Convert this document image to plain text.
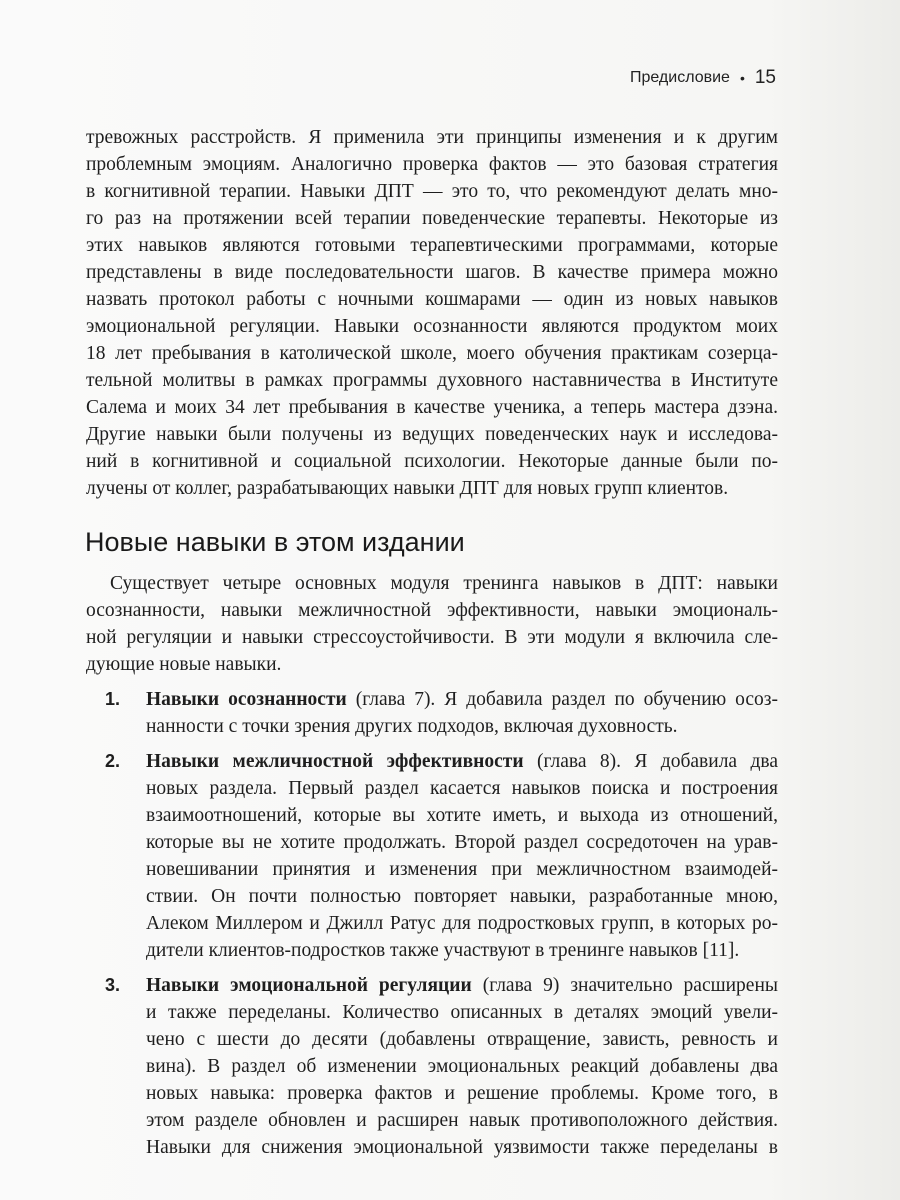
Предисловие • 15
тревожных расстройств. Я применила эти принципы изменения и к другим
проблемным эмоциям. Аналогично проверка фактов — это базовая стратегия
в когнитивной терапии. Навыки ДПТ — это то, что рекомендуют делать мно-
го раз на протяжении всей терапии поведенческие терапевты. Некоторые из
этих навыков являются готовыми терапевтическими программами, которые
представлены в виде последовательности шагов. В качестве примера можно
назвать протокол работы с ночными кошмарами — один из новых навыков
эмоциональной регуляции. Навыки осознанности являются продуктом моих
18 лет пребывания в католической школе, моего обучения практикам созерца-
тельной молитвы в рамках программы духовного наставничества в Институте
Салема и моих 34 лет пребывания в качестве ученика, а теперь мастера дзэна.
Другие навыки были получены из ведущих поведенческих наук и исследова-
ний в когнитивной и социальной психологии. Некоторые данные были по-
лучены от коллег, разрабатывающих навыки ДПТ для новых групп клиентов.
Новые навыки в этом издании
Существует четыре основных модуля тренинга навыков в ДПТ: навыки
осознанности, навыки межличностной эффективности, навыки эмоциональ-
ной регуляции и навыки стрессоустойчивости. В эти модули я включила сле-
дующие новые навыки.
1. Навыки осознанности (глава 7). Я добавила раздел по обучению осоз-
нанности с точки зрения других подходов, включая духовность.
2. Навыки межличностной эффективности (глава 8). Я добавила два
новых раздела. Первый раздел касается навыков поиска и построения
взаимоотношений, которые вы хотите иметь, и выхода из отношений,
которые вы не хотите продолжать. Второй раздел сосредоточен на урав-
новешивании принятия и изменения при межличностном взаимодей-
ствии. Он почти полностью повторяет навыки, разработанные мною,
Алеком Миллером и Джилл Ратус для подростковых групп, в которых ро-
дители клиентов-подростков также участвуют в тренинге навыков [11].
3. Навыки эмоциональной регуляции (глава 9) значительно расширены
и также переделаны. Количество описанных в деталях эмоций увели-
чено с шести до десяти (добавлены отвращение, зависть, ревность и
вина). В раздел об изменении эмоциональных реакций добавлены два
новых навыка: проверка фактов и решение проблемы. Кроме того, в
этом разделе обновлен и расширен навык противоположного действия.
Навыки для снижения эмоциональной уязвимости также переделаны в
